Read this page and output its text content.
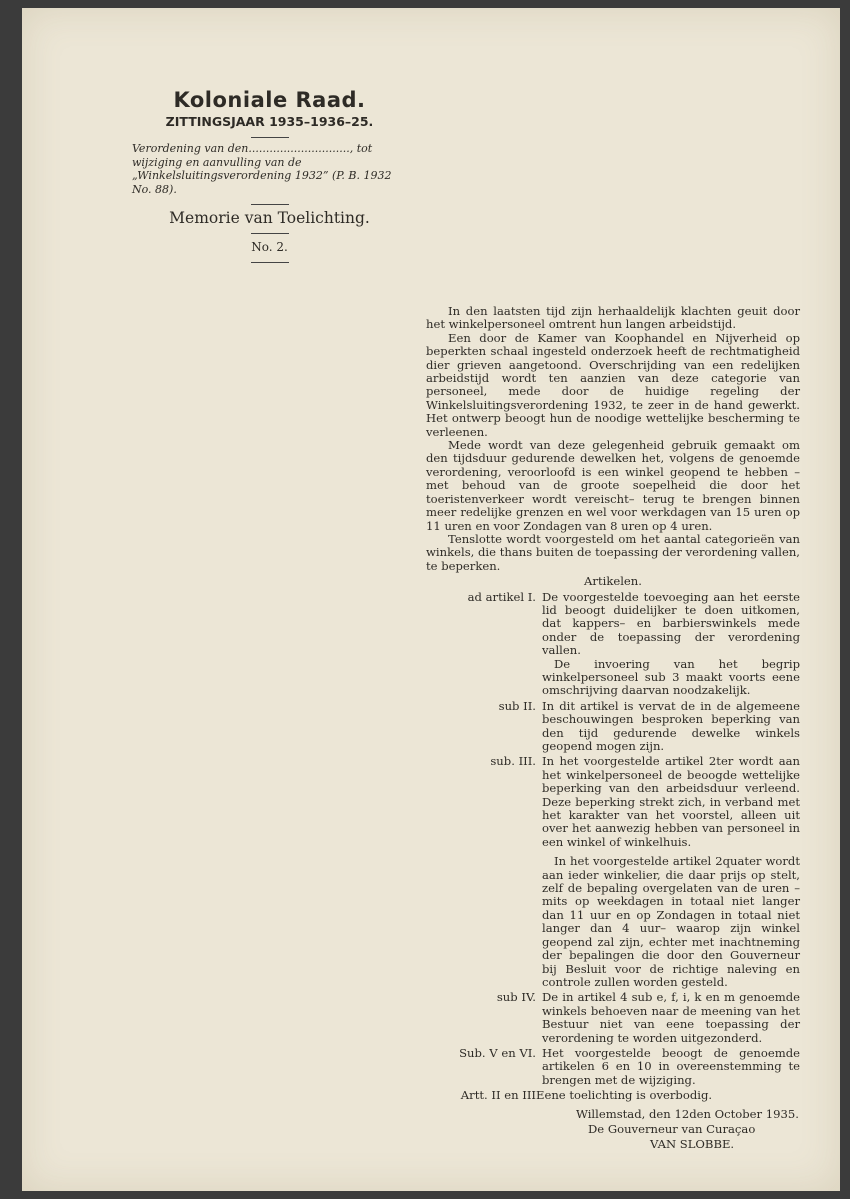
Koloniale Raad.
ZITTINGSJAAR 1935–1936–25.
Verordening van den............................., tot wijziging en aanvulling van de „Winkelsluitingsverordening 1932” (P. B. 1932 No. 88).
Memorie van Toelichting.
No. 2.

In den laatsten tijd zijn herhaaldelijk klachten geuit door het winkelpersoneel omtrent hun langen arbeidstijd.

Een door de Kamer van Koophandel en Nijverheid op beperkten schaal ingesteld onderzoek heeft de rechtmatigheid dier grieven aangetoond. Overschrijding van een redelijken arbeidstijd wordt ten aanzien van deze categorie van personeel, mede door de huidige regeling der Winkelsluitingsverordening 1932, te zeer in de hand gewerkt. Het ontwerp beoogt hun de noodige wettelijke bescherming te verleenen.

Mede wordt van deze gelegenheid gebruik gemaakt om den tijdsduur gedurende dewelken het, volgens de genoemde verordening, veroorloofd is een winkel geopend te hebben –met behoud van de groote soepelheid die door het toeristenverkeer wordt vereischt– terug te brengen binnen meer redelijke grenzen en wel voor werkdagen van 15 uren op 11 uren en voor Zondagen van 8 uren op 4 uren.

Tenslotte wordt voorgesteld om het aantal categorieën van winkels, die thans buiten de toepassing der verordening vallen, te beperken.

Artikelen.
ad artikel I. De voorgestelde toevoeging aan het eerste lid beoogt duidelijker te doen uitkomen, dat kappers– en barbierswinkels mede onder de toepassing der verordening vallen.

De invoering van het begrip winkelpersoneel sub 3 maakt voorts eene omschrijving daarvan noodzakelijk.

sub II. In dit artikel is vervat de in de algemeene beschouwingen besproken beperking van den tijd gedurende dewelke winkels geopend mogen zijn.

sub. III. In het voorgestelde artikel 2ter wordt aan het winkelpersoneel de beoogde wettelijke beperking van den arbeidsduur verleend. Deze beperking strekt zich, in verband met het karakter van het voorstel, alleen uit over het aanwezig hebben van personeel in een winkel of winkelhuis.

In het voorgestelde artikel 2quater wordt aan ieder winkelier, die daar prijs op stelt, zelf de bepaling overgelaten van de uren –mits op weekdagen in totaal niet langer dan 11 uur en op Zondagen in totaal niet langer dan 4 uur– waarop zijn winkel geopend zal zijn, echter met inachtneming der bepalingen die door den Gouverneur bij Besluit voor de richtige naleving en controle zullen worden gesteld.

sub IV. De in artikel 4 sub e, f, i, k en m genoemde winkels behoeven naar de meening van het Bestuur niet van eene toepassing der verordening te worden uitgezonderd.

Sub. V en VI. Het voorgestelde beoogt de genoemde artikelen 6 en 10 in overeenstemming te brengen met de wijziging.

Artt. II en III Eene toelichting is overbodig.

Willemstad, den 12den October 1935.
De Gouverneur van Curaçao
VAN SLOBBE.
